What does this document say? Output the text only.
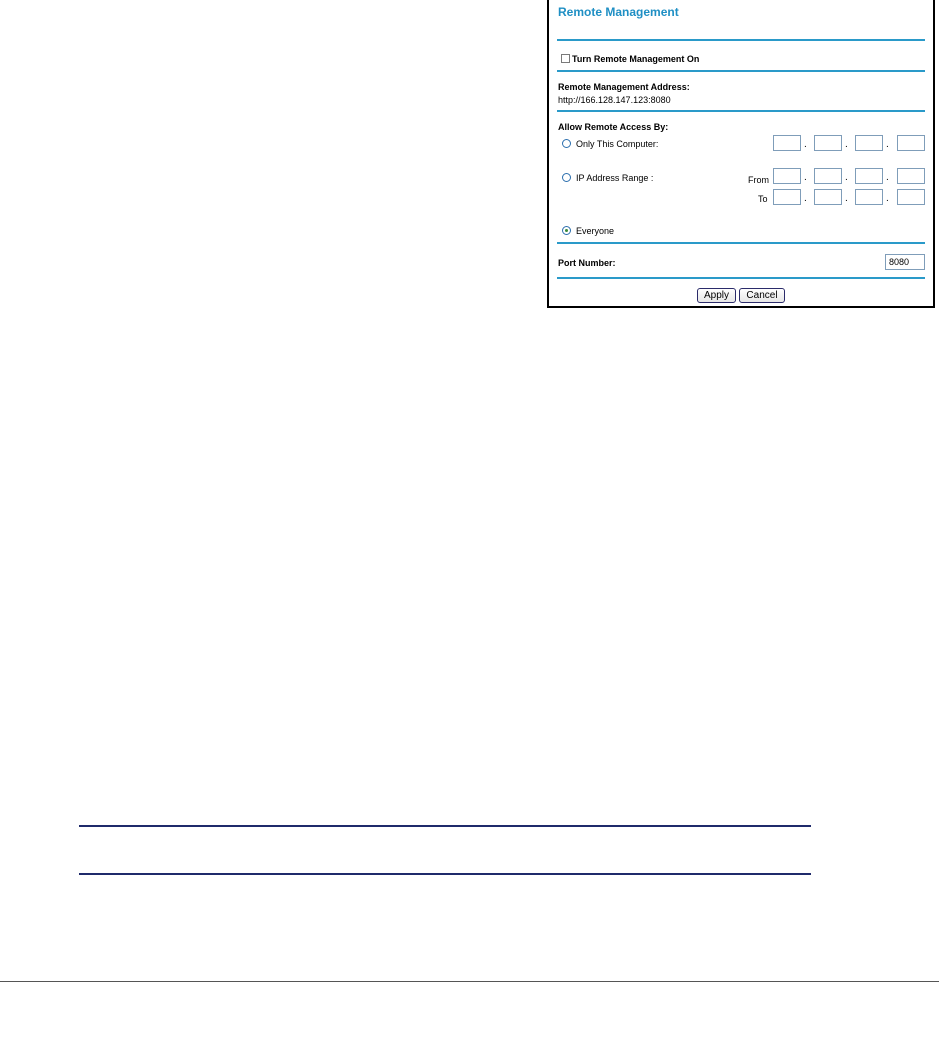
Remote Management
Turn Remote Management On
Remote Management Address:
http://166.128.147.123:8080
Allow Remote Access By:
Only This Computer:	.	.	.
IP Address Range :	From	.	.	.
To	.	.	.
Everyone
Port Number:	8080
Apply	Cancel
